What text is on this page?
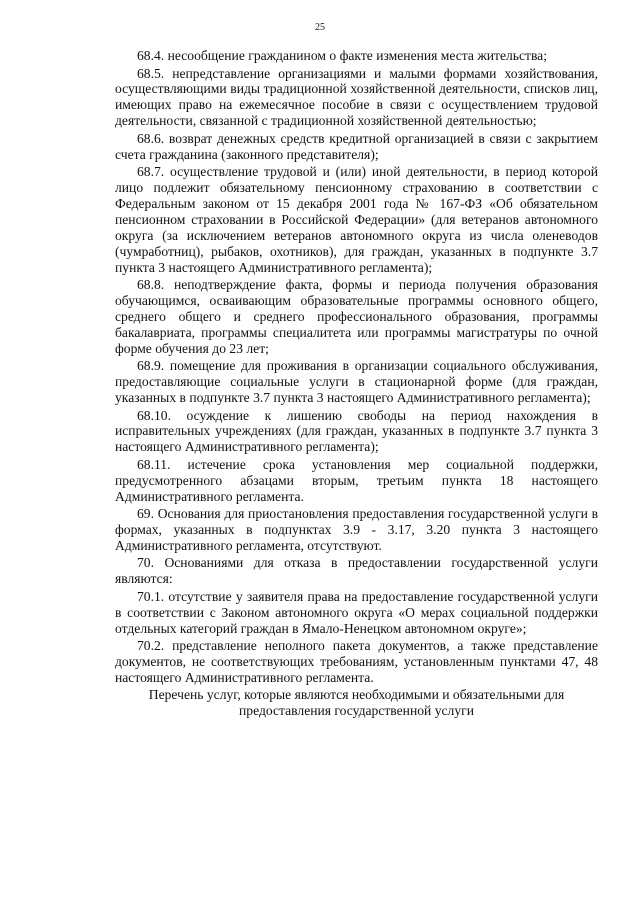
25

68.4. несообщение гражданином о факте изменения места жительства;

68.5. непредставление организациями и малыми формами хозяйствования, осуществляющими виды традиционной хозяйственной деятельности, списков лиц, имеющих право на ежемесячное пособие в связи с осуществлением трудовой деятельности, связанной с традиционной хозяйственной деятельностью;

68.6. возврат денежных средств кредитной организацией в связи с закрытием счета гражданина (законного представителя);

68.7. осуществление трудовой и (или) иной деятельности, в период которой лицо подлежит обязательному пенсионному страхованию в соответствии с Федеральным законом от 15 декабря 2001 года № 167-ФЗ «Об обязательном пенсионном страховании в Российской Федерации» (для ветеранов автономного округа (за исключением ветеранов автономного округа из числа оленеводов (чумработниц), рыбаков, охотников), для граждан, указанных в подпункте 3.7 пункта 3 настоящего Административного регламента);

68.8. неподтверждение факта, формы и периода получения образования обучающимся, осваивающим образовательные программы основного общего, среднего общего и среднего профессионального образования, программы бакалавриата, программы специалитета или программы магистратуры по очной форме обучения до 23 лет;

68.9. помещение для проживания в организации социального обслуживания, предоставляющие социальные услуги в стационарной форме (для граждан, указанных в подпункте 3.7 пункта 3 настоящего Административного регламента);

68.10. осуждение к лишению свободы на период нахождения в исправительных учреждениях (для граждан, указанных в подпункте 3.7 пункта 3 настоящего Административного регламента);

68.11. истечение срока установления мер социальной поддержки, предусмотренного абзацами вторым, третьим пункта 18 настоящего Административного регламента.

69. Основания для приостановления предоставления государственной услуги в формах, указанных в подпунктах 3.9 - 3.17, 3.20 пункта 3 настоящего Административного регламента, отсутствуют.

70. Основаниями для отказа в предоставлении государственной услуги являются:

70.1. отсутствие у заявителя права на предоставление государственной услуги в соответствии с Законом автономного округа «О мерах социальной поддержки отдельных категорий граждан в Ямало-Ненецком автономном округе»;

70.2. представление неполного пакета документов, а также представление документов, не соответствующих требованиям, установленным пунктами 47, 48 настоящего Административного регламента.

Перечень услуг, которые являются необходимыми и обязательными для предоставления государственной услуги
